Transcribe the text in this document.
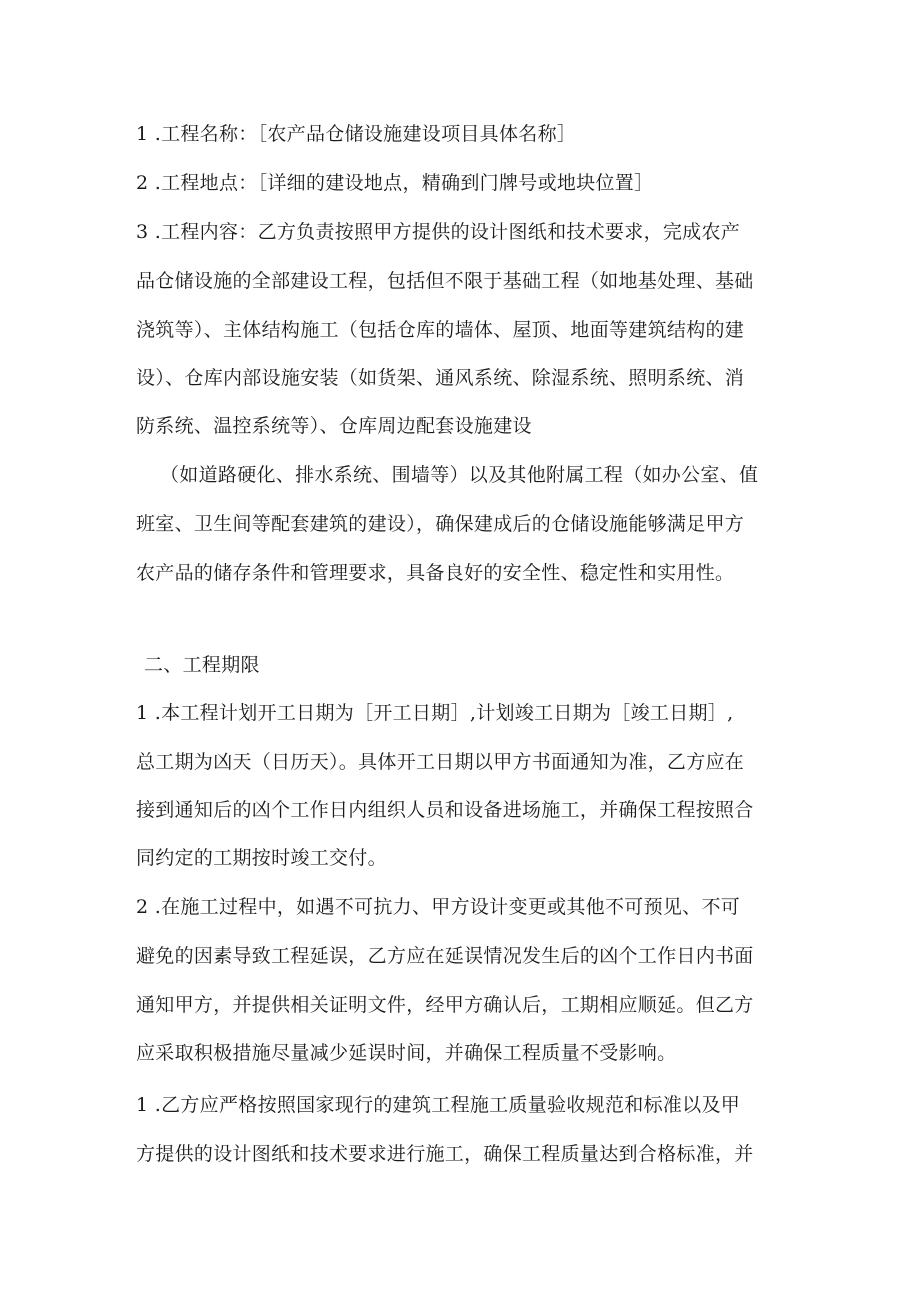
1 .工程名称：［农产品仓储设施建设项目具体名称］
2 .工程地点：［详细的建设地点，精确到门牌号或地块位置］
3 .工程内容：乙方负责按照甲方提供的设计图纸和技术要求，完成农产
品仓储设施的全部建设工程，包括但不限于基础工程（如地基处理、基础
浇筑等）、主体结构施工（包括仓库的墙体、屋顶、地面等建筑结构的建
设）、仓库内部设施安装（如货架、通风系统、除湿系统、照明系统、消
防系统、温控系统等）、仓库周边配套设施建设
（如道路硬化、排水系统、围墙等）以及其他附属工程（如办公室、值
班室、卫生间等配套建筑的建设），确保建成后的仓储设施能够满足甲方
农产品的储存条件和管理要求，具备良好的安全性、稳定性和实用性。
二、工程期限
1 .本工程计划开工日期为［开工日期］,计划竣工日期为［竣工日期］,
总工期为凶天（日历天）。具体开工日期以甲方书面通知为准，乙方应在
接到通知后的凶个工作日内组织人员和设备进场施工，并确保工程按照合
同约定的工期按时竣工交付。
2 .在施工过程中，如遇不可抗力、甲方设计变更或其他不可预见、不可
避免的因素导致工程延误，乙方应在延误情况发生后的凶个工作日内书面
通知甲方，并提供相关证明文件，经甲方确认后，工期相应顺延。但乙方
应采取积极措施尽量减少延误时间，并确保工程质量不受影响。
1 .乙方应严格按照国家现行的建筑工程施工质量验收规范和标准以及甲
方提供的设计图纸和技术要求进行施工，确保工程质量达到合格标准，并
